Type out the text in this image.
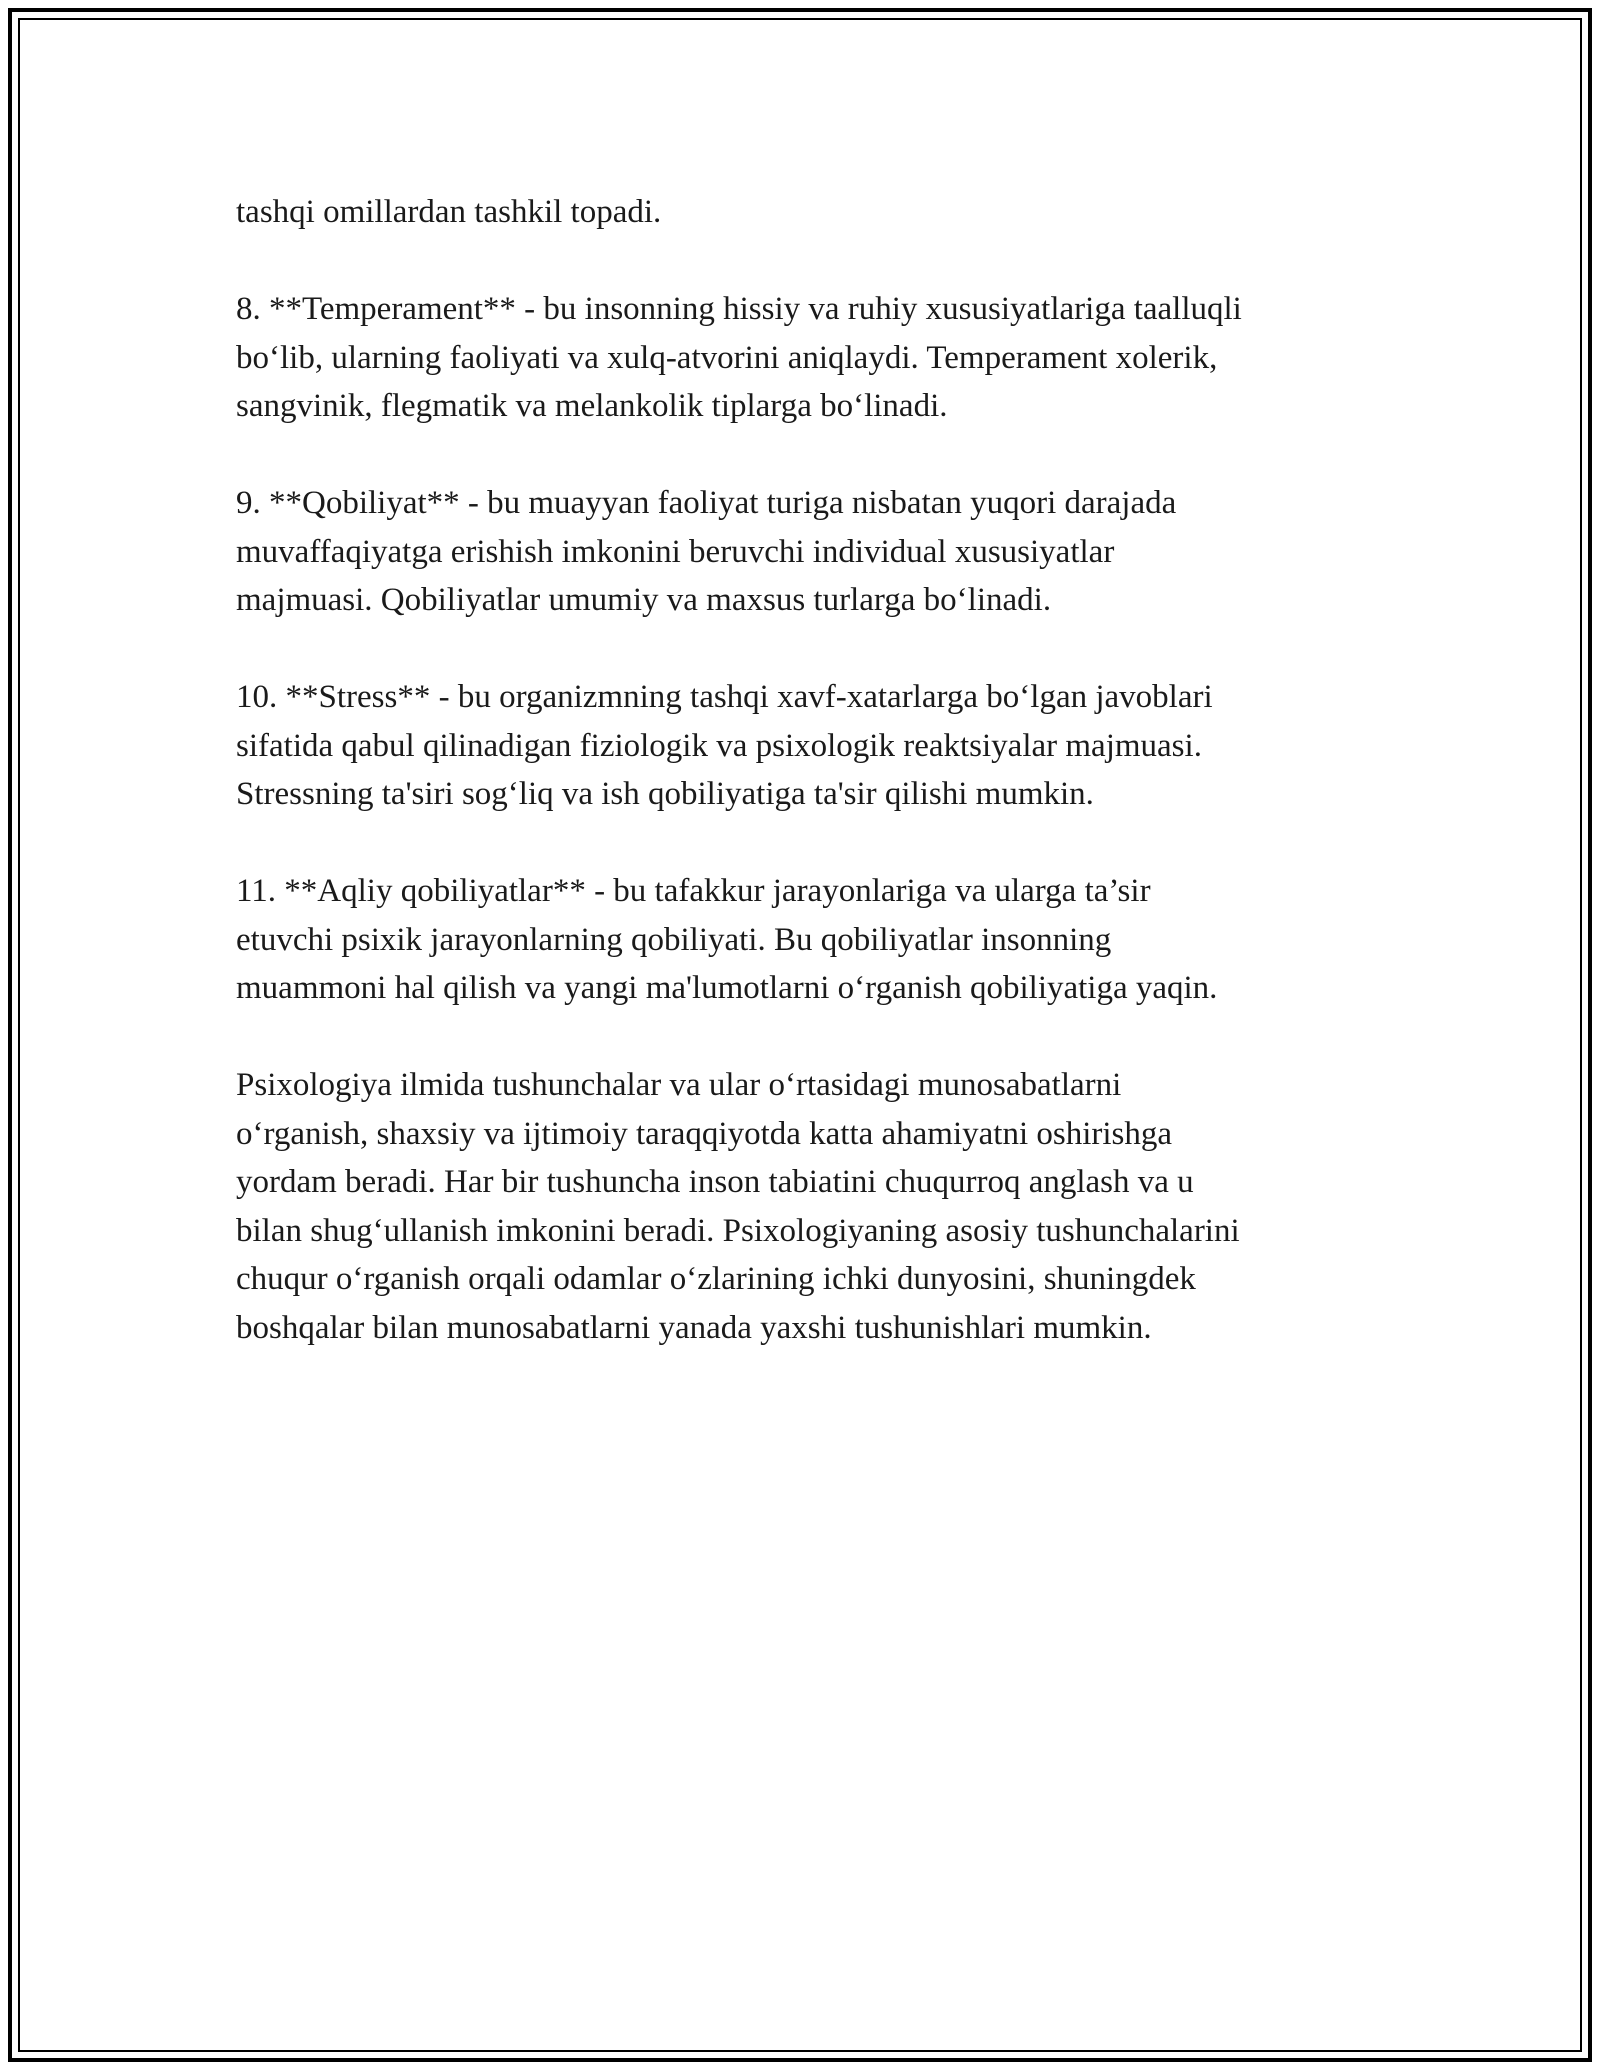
tashqi omillardan tashkil topadi.

8. **Temperament** - bu insonning hissiy va ruhiy xususiyatlariga taalluqli
bo‘lib, ularning faoliyati va xulq-atvorini aniqlaydi. Temperament xolerik,
sangvinik, flegmatik va melankolik tiplarga bo‘linadi.

9. **Qobiliyat** - bu muayyan faoliyat turiga nisbatan yuqori darajada
muvaffaqiyatga erishish imkonini beruvchi individual xususiyatlar
majmuasi. Qobiliyatlar umumiy va maxsus turlarga bo‘linadi.

10. **Stress** - bu organizmning tashqi xavf-xatarlarga bo‘lgan javoblari
sifatida qabul qilinadigan fiziologik va psixologik reaktsiyalar majmuasi.
Stressning ta'siri sog‘liq va ish qobiliyatiga ta'sir qilishi mumkin.

11. **Aqliy qobiliyatlar** - bu tafakkur jarayonlariga va ularga ta’sir
etuvchi psixik jarayonlarning qobiliyati. Bu qobiliyatlar insonning
muammoni hal qilish va yangi ma'lumotlarni o‘rganish qobiliyatiga yaqin.

Psixologiya ilmida tushunchalar va ular o‘rtasidagi munosabatlarni
o‘rganish, shaxsiy va ijtimoiy taraqqiyotda katta ahamiyatni oshirishga
yordam beradi. Har bir tushuncha inson tabiatini chuqurroq anglash va u
bilan shug‘ullanish imkonini beradi. Psixologiyaning asosiy tushunchalarini
chuqur o‘rganish orqali odamlar o‘zlarining ichki dunyosini, shuningdek
boshqalar bilan munosabatlarni yanada yaxshi tushunishlari mumkin.
